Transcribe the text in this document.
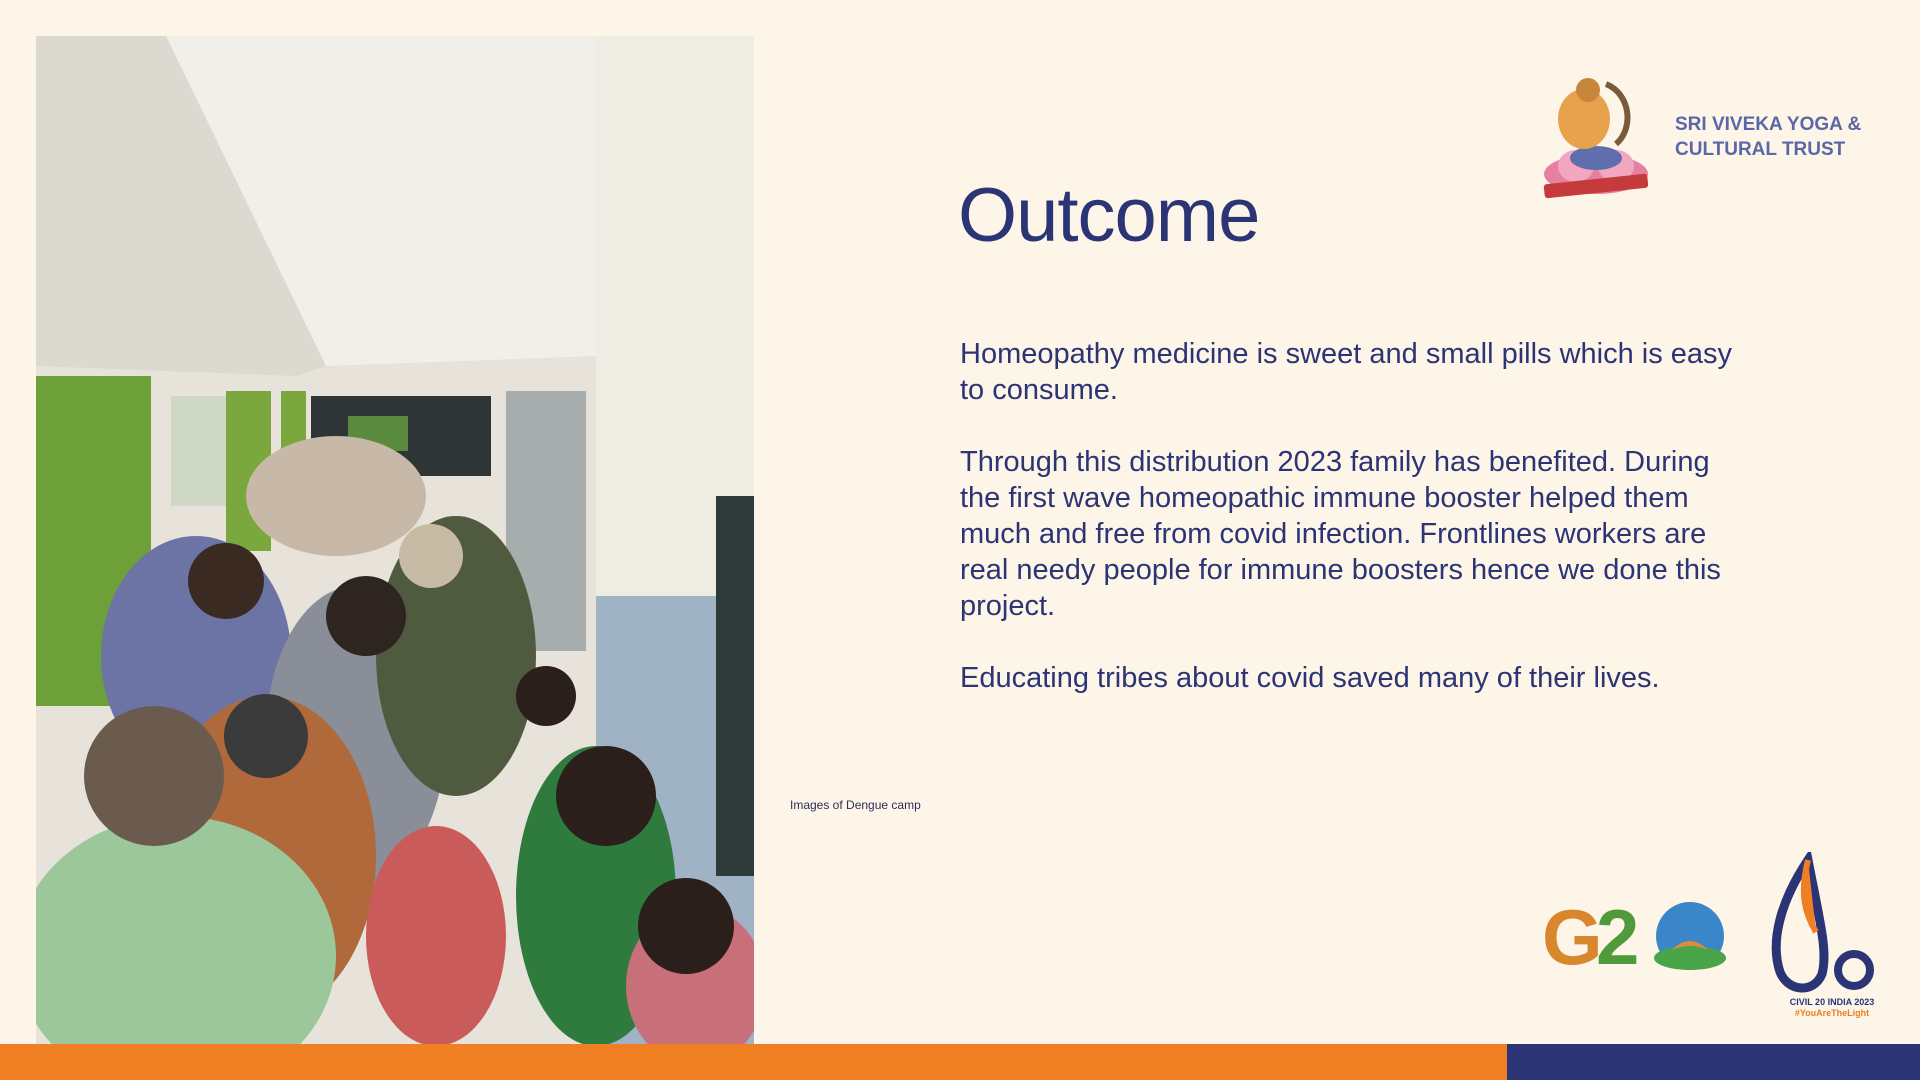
Images of Dengue camp
Outcome

Homeopathy medicine is sweet and small pills which is easy to consume.

Through this distribution 2023 family has benefited. During the first wave homeopathic immune booster helped them much and free from covid infection. Frontlines workers are real needy people for immune boosters hence we done this project.

Educating tribes about covid saved many of their lives.

SRI VIVEKA YOGA &
CULTURAL TRUST
G
2
CIVIL 20 INDIA 2023
#YouAreTheLight
